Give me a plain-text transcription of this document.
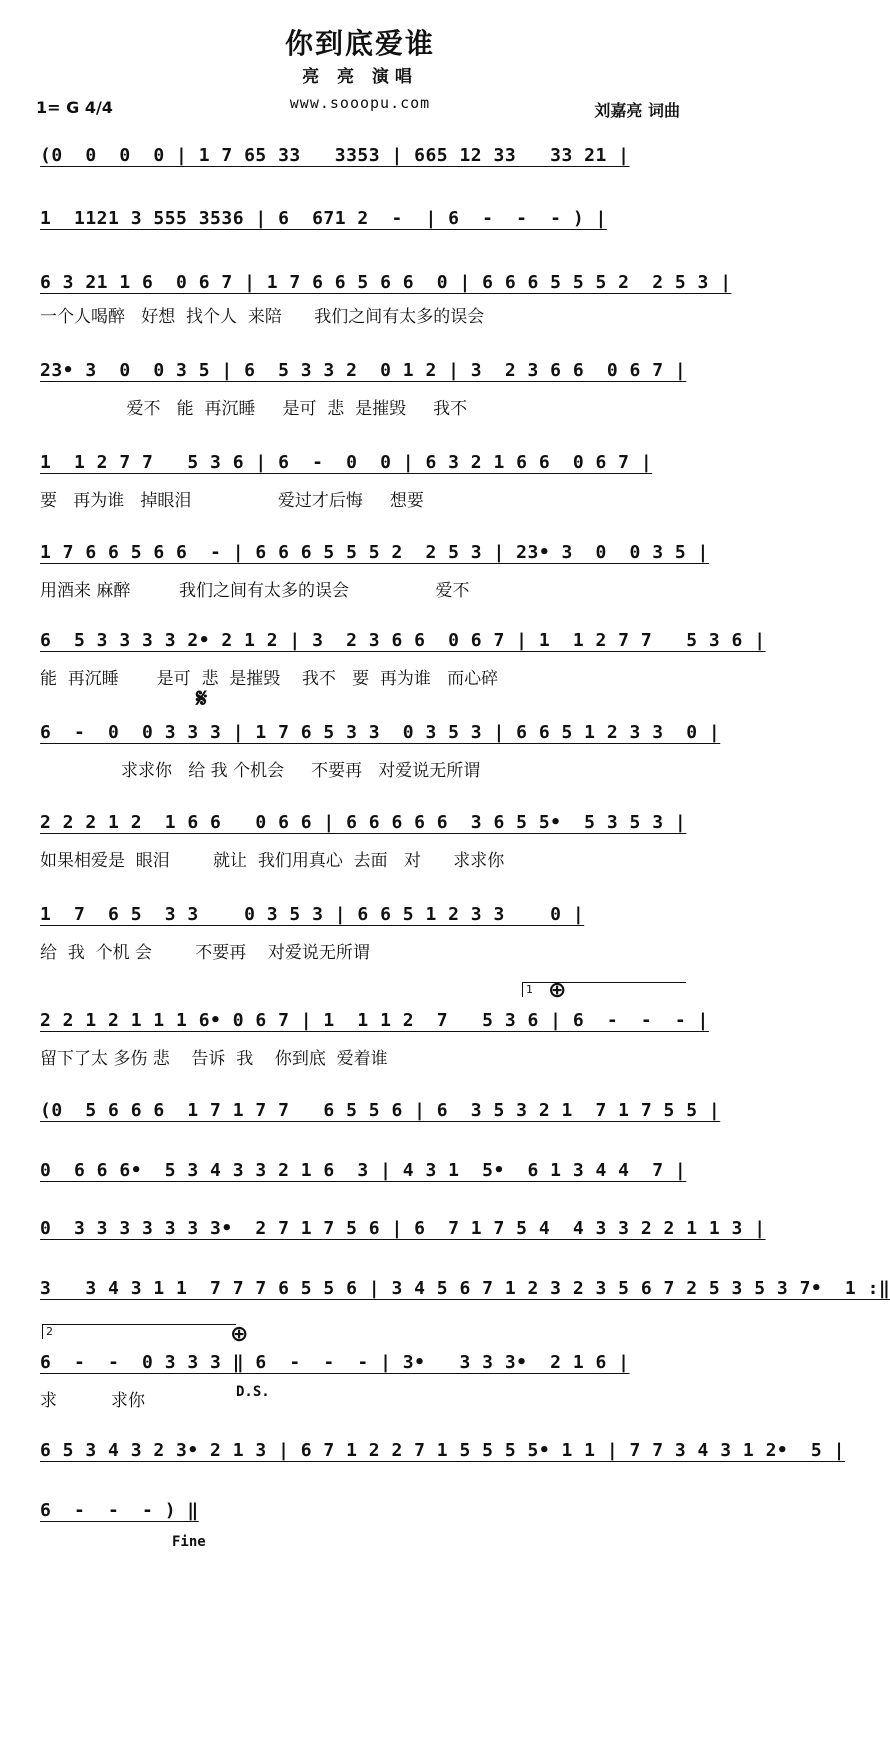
你到底爱谁
亮 亮 演唱
1= G 4/4	www.sooopu.com	刘嘉亮 词曲
(0  0  0  0 | 1 7 65 33   3353 | 665 12 33   33 21 |
1  1121 3 555 3536 | 6  671 2  -  | 6  -  -  - ) |
6 3 21 1 6  0 6 7 | 1 7 6 6 5 6 6  0 | 6 6 6 5 5 5 2  2 5 3 |
一个人喝醉   好想  找个人  来陪      我们之间有太多的误会
23• 3  0  0 3 5 | 6  5 3 3 2  0 1 2 | 3  2 3 6 6  0 6 7 |
爱不   能  再沉睡     是可  悲  是摧毁     我不
1  1 2 7 7   5 3 6 | 6  -  0  0 | 6 3 2 1 6 6  0 6 7 |
要   再为谁   掉眼泪                爱过才后悔     想要
1 7 6 6 5 6 6  - | 6 6 6 5 5 5 2  2 5 3 | 23• 3  0  0 3 5 |
用酒来 麻醉         我们之间有太多的误会                爱不
6  5 3 3 3 3 2• 2 1 2 | 3  2 3 6 6  0 6 7 | 1  1 2 7 7   5 3 6 |
能  再沉睡       是可  悲  是摧毁    我不   要  再为谁   而心碎
6  -  0  0 3 3 3 | 1 7 6 5 3 3  0 3 5 3 | 6 6 5 1 2 3 3  0 |
求求你   给 我 个机会     不要再   对爱说无所谓
2 2 2 1 2  1 6 6   0 6 6 | 6 6 6 6 6  3 6 5 5•  5 3 5 3 |
如果相爱是  眼泪        就让  我们用真心  去面   对      求求你
1  7  6 5  3 3    0 3 5 3 | 6 6 5 1 2 3 3    0 |
给  我  个机 会        不要再    对爱说无所谓
2 2 1 2 1 1 1 6• 0 6 7 | 1  1 1 2  7   5 3 6 | 6  -  -  - |
留下了太 多伤 悲    告诉  我    你到底  爱着谁
(0  5 6 6 6  1 7 1 7 7   6 5 5 6 | 6  3 5 3 2 1  7 1 7 5 5 |
0  6 6 6•  5 3 4 3 3 2 1 6  3 | 4 3 1  5•  6 1 3 4 4  7 |
0  3 3 3 3 3 3 3•  2 7 1 7 5 6 | 6  7 1 7 5 4  4 3 3 2 2 1 1 3 |
3   3 4 3 1 1  7 7 7 6 5 5 6 | 3 4 5 6 7 1 2 3 2 3 5 6 7 2 5 3 5 3 7•  1 :‖
6  -  -  0 3 3 3 ‖ 6  -  -  - | 3•   3 3 3•  2 1 6 |
求          求你
6 5 3 4 3 2 3• 2 1 3 | 6 7 1 2 2 7 1 5 5 5 5• 1 1 | 7 7 3 4 3 1 2•  5 |
6  -  -  - ) ‖
𝄋
1 ⊕
2	⊕
D.S.
Fine
